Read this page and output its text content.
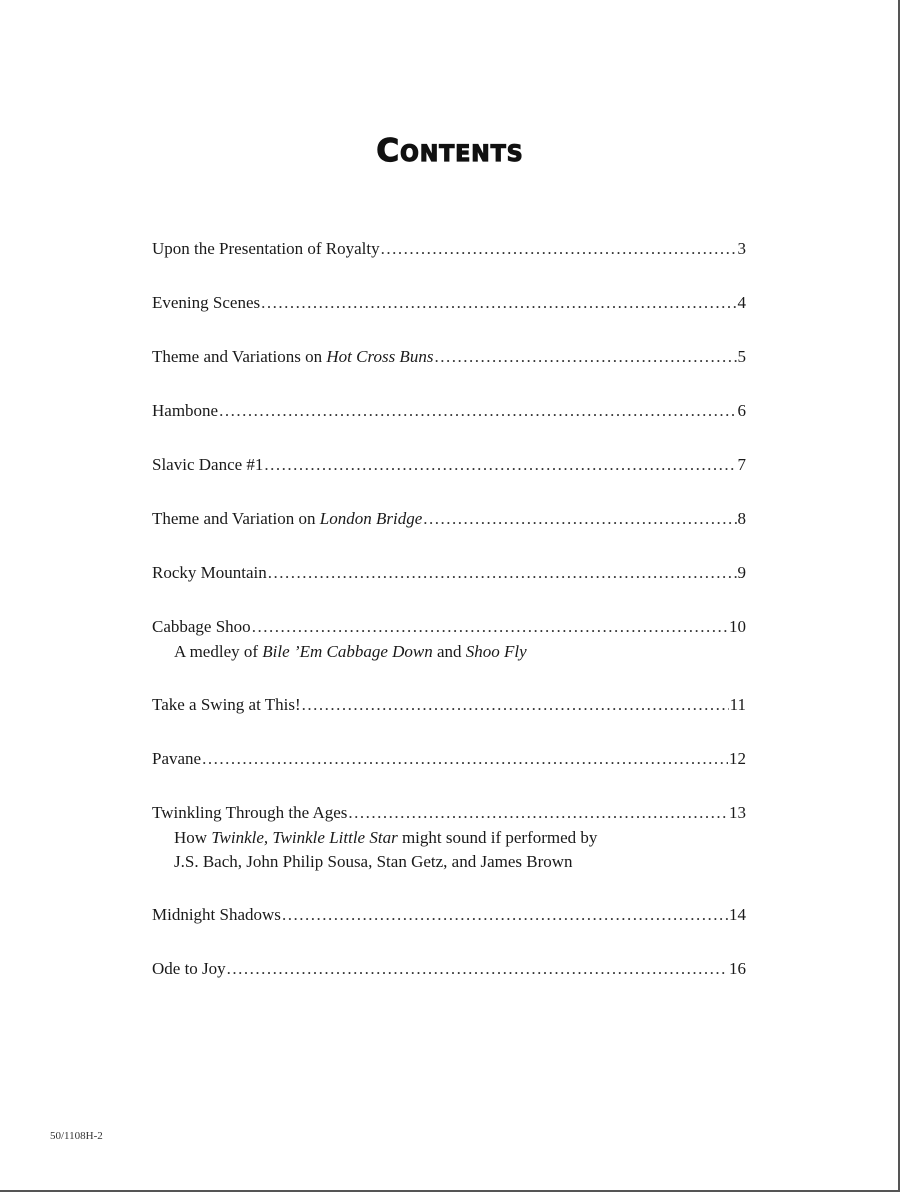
Contents
Upon the Presentation of Royalty .....	3
Evening Scenes .....	4
Theme and Variations on Hot Cross Buns .....	5
Hambone .....	6
Slavic Dance #1 .....	7
Theme and Variation on London Bridge .....	8
Rocky Mountain .....	9
Cabbage Shoo .....	10
A medley of Bile ’Em Cabbage Down and Shoo Fly
Take a Swing at This! .....	11
Pavane .....	12
Twinkling Through the Ages .....	13
How Twinkle, Twinkle Little Star might sound if performed by
J.S. Bach, John Philip Sousa, Stan Getz, and James Brown
Midnight Shadows .....	14
Ode to Joy .....	16
50/1108H-2
